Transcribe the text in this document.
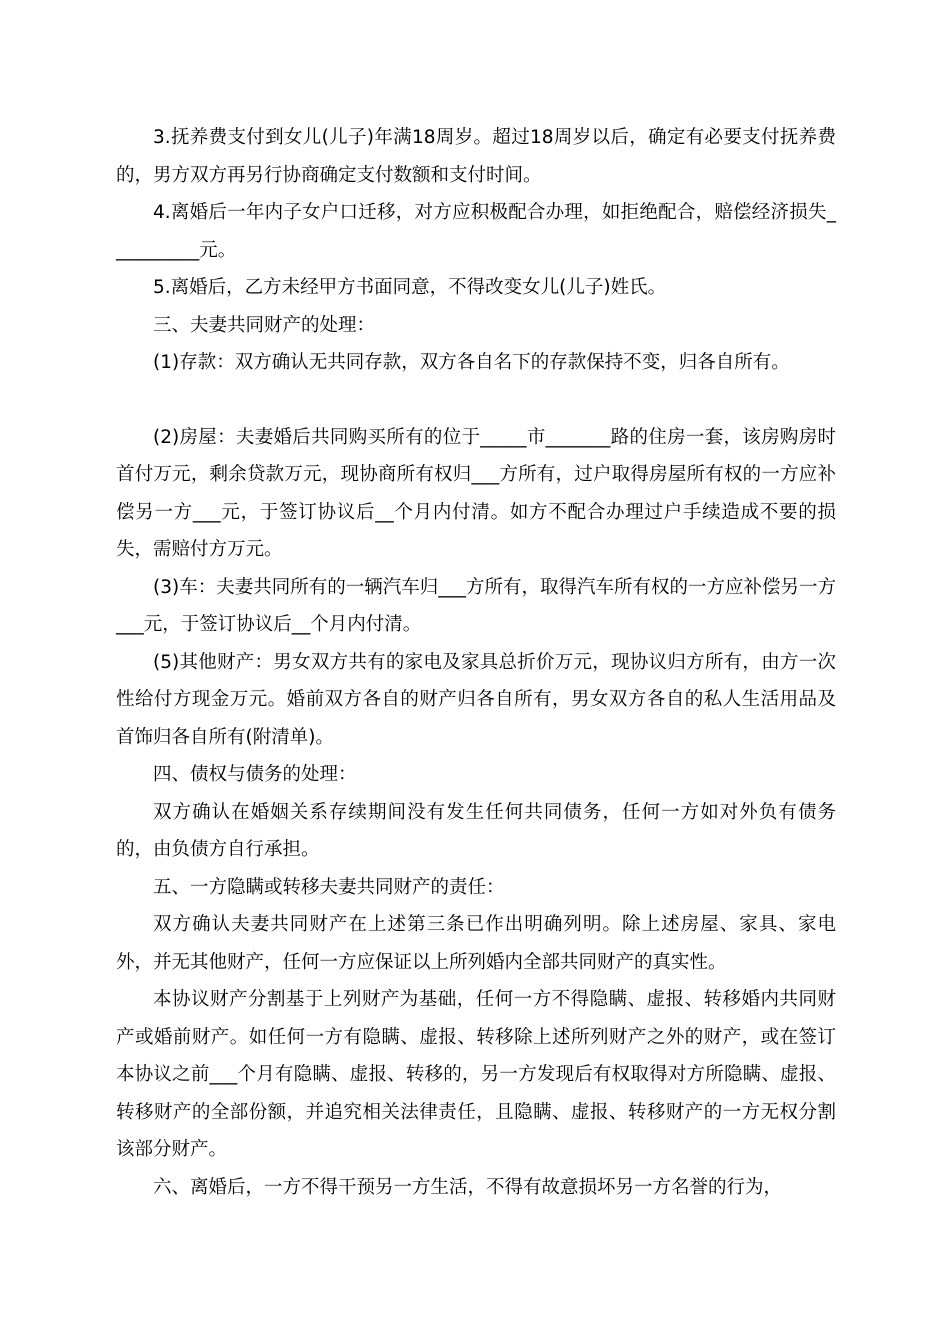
3.抚养费支付到女儿(儿子)年满18周岁。超过18周岁以后，确定有必要支付抚养费的，男方双方再另行协商确定支付数额和支付时间。

4.离婚后一年内子女户口迁移，对方应积极配合办理，如拒绝配合，赔偿经济损失__________元。

5.离婚后，乙方未经甲方书面同意，不得改变女儿(儿子)姓氏。

三、夫妻共同财产的处理：

(1)存款：双方确认无共同存款，双方各自名下的存款保持不变，归各自所有。

(2)房屋：夫妻婚后共同购买所有的位于_____市_______路的住房一套，该房购房时首付万元，剩余贷款万元，现协商所有权归___方所有，过户取得房屋所有权的一方应补偿另一方___元，于签订协议后__个月内付清。如方不配合办理过户手续造成不要的损失，需赔付方万元。

(3)车：夫妻共同所有的一辆汽车归___方所有，取得汽车所有权的一方应补偿另一方___元，于签订协议后__个月内付清。

(5)其他财产：男女双方共有的家电及家具总折价万元，现协议归方所有，由方一次性给付方现金万元。婚前双方各自的财产归各自所有，男女双方各自的私人生活用品及首饰归各自所有(附清单)。

四、债权与债务的处理：

双方确认在婚姻关系存续期间没有发生任何共同债务，任何一方如对外负有债务的，由负债方自行承担。

五、一方隐瞒或转移夫妻共同财产的责任：

双方确认夫妻共同财产在上述第三条已作出明确列明。除上述房屋、家具、家电外，并无其他财产，任何一方应保证以上所列婚内全部共同财产的真实性。

本协议财产分割基于上列财产为基础，任何一方不得隐瞒、虚报、转移婚内共同财产或婚前财产。如任何一方有隐瞒、虚报、转移除上述所列财产之外的财产，或在签订本协议之前___个月有隐瞒、虚报、转移的，另一方发现后有权取得对方所隐瞒、虚报、转移财产的全部份额，并追究相关法律责任，且隐瞒、虚报、转移财产的一方无权分割该部分财产。

六、离婚后，一方不得干预另一方生活，不得有故意损坏另一方名誉的行为，
